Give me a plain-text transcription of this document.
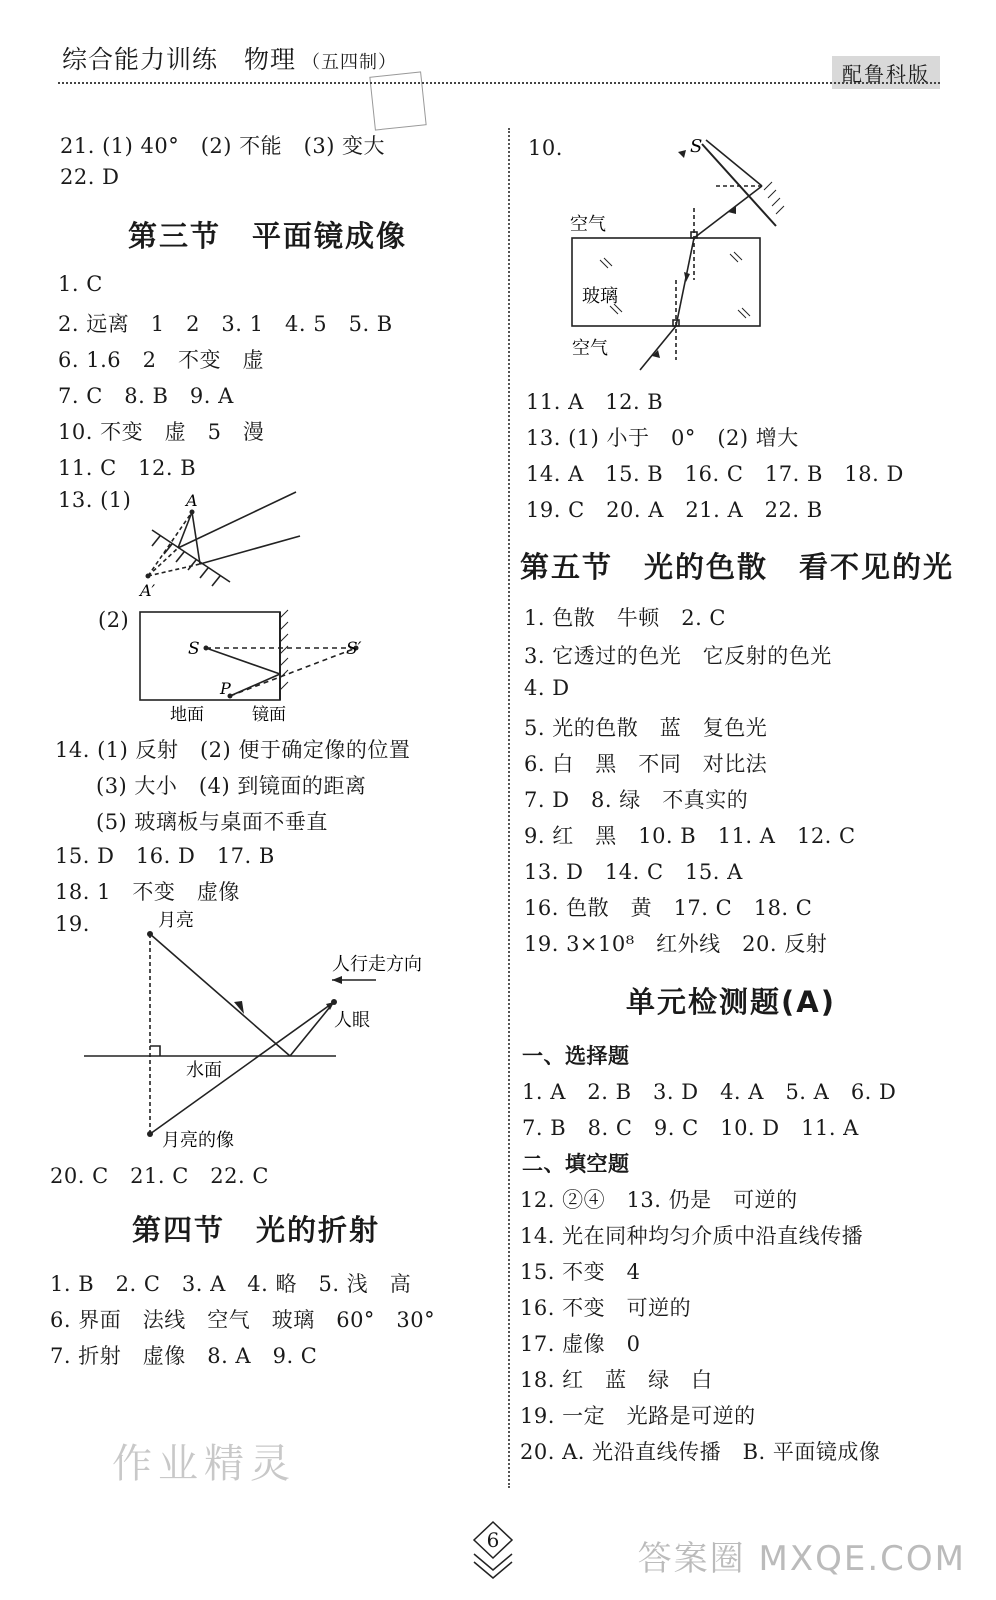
综合能力训练　物理 （五四制）	配鲁科版
21. (1) 40°　(2) 不能　(3) 变大
22. D
第三节　平面镜成像
1. C
2. 远离　1　2　3. 1　4. 5　5. B
6. 1.6　2　不变　虚
7. C　8. B　9. A
10. 不变　虚　5　漫
11. C　12. B
13. (1)	A
A′
(2)
S	S′
P
地面	镜面
14. (1) 反射　(2) 便于确定像的位置
(3) 大小　(4) 到镜面的距离
(5) 玻璃板与桌面不垂直
15. D　16. D　17. B
18. 1　不变　虚像
19.	月亮
人行走方向
人眼
水面
月亮的像
20. C　21. C　22. C
第四节　光的折射
1. B　2. C　3. A　4. 略　5. 浅　高
6. 界面　法线　空气　玻璃　60°　30°
7. 折射　虚像　8. A　9. C
作业精灵
10.	S
空气
玻璃
空气
11. A　12. B
13. (1) 小于　0°　(2) 增大
14. A　15. B　16. C　17. B　18. D
19. C　20. A　21. A　22. B
第五节　光的色散　看不见的光
1. 色散　牛顿　2. C
3. 它透过的色光　它反射的色光
4. D
5. 光的色散　蓝　复色光
6. 白　黑　不同　对比法
7. D　8. 绿　不真实的
9. 红　黑　10. B　11. A　12. C
13. D　14. C　15. A
16. 色散　黄　17. C　18. C
19. 3×10⁸　红外线　20. 反射
单元检测题(A)
一、选择题
1. A　2. B　3. D　4. A　5. A　6. D
7. B　8. C　9. C　10. D　11. A
二、填空题
12. ②④　13. 仍是　可逆的
14. 光在同种均匀介质中沿直线传播
15. 不变　4
16. 不变　可逆的
17. 虚像　0
18. 红　蓝　绿　白
19. 一定　光路是可逆的
20. A. 光沿直线传播　B. 平面镜成像
6	答案圈 MXQE.COM
